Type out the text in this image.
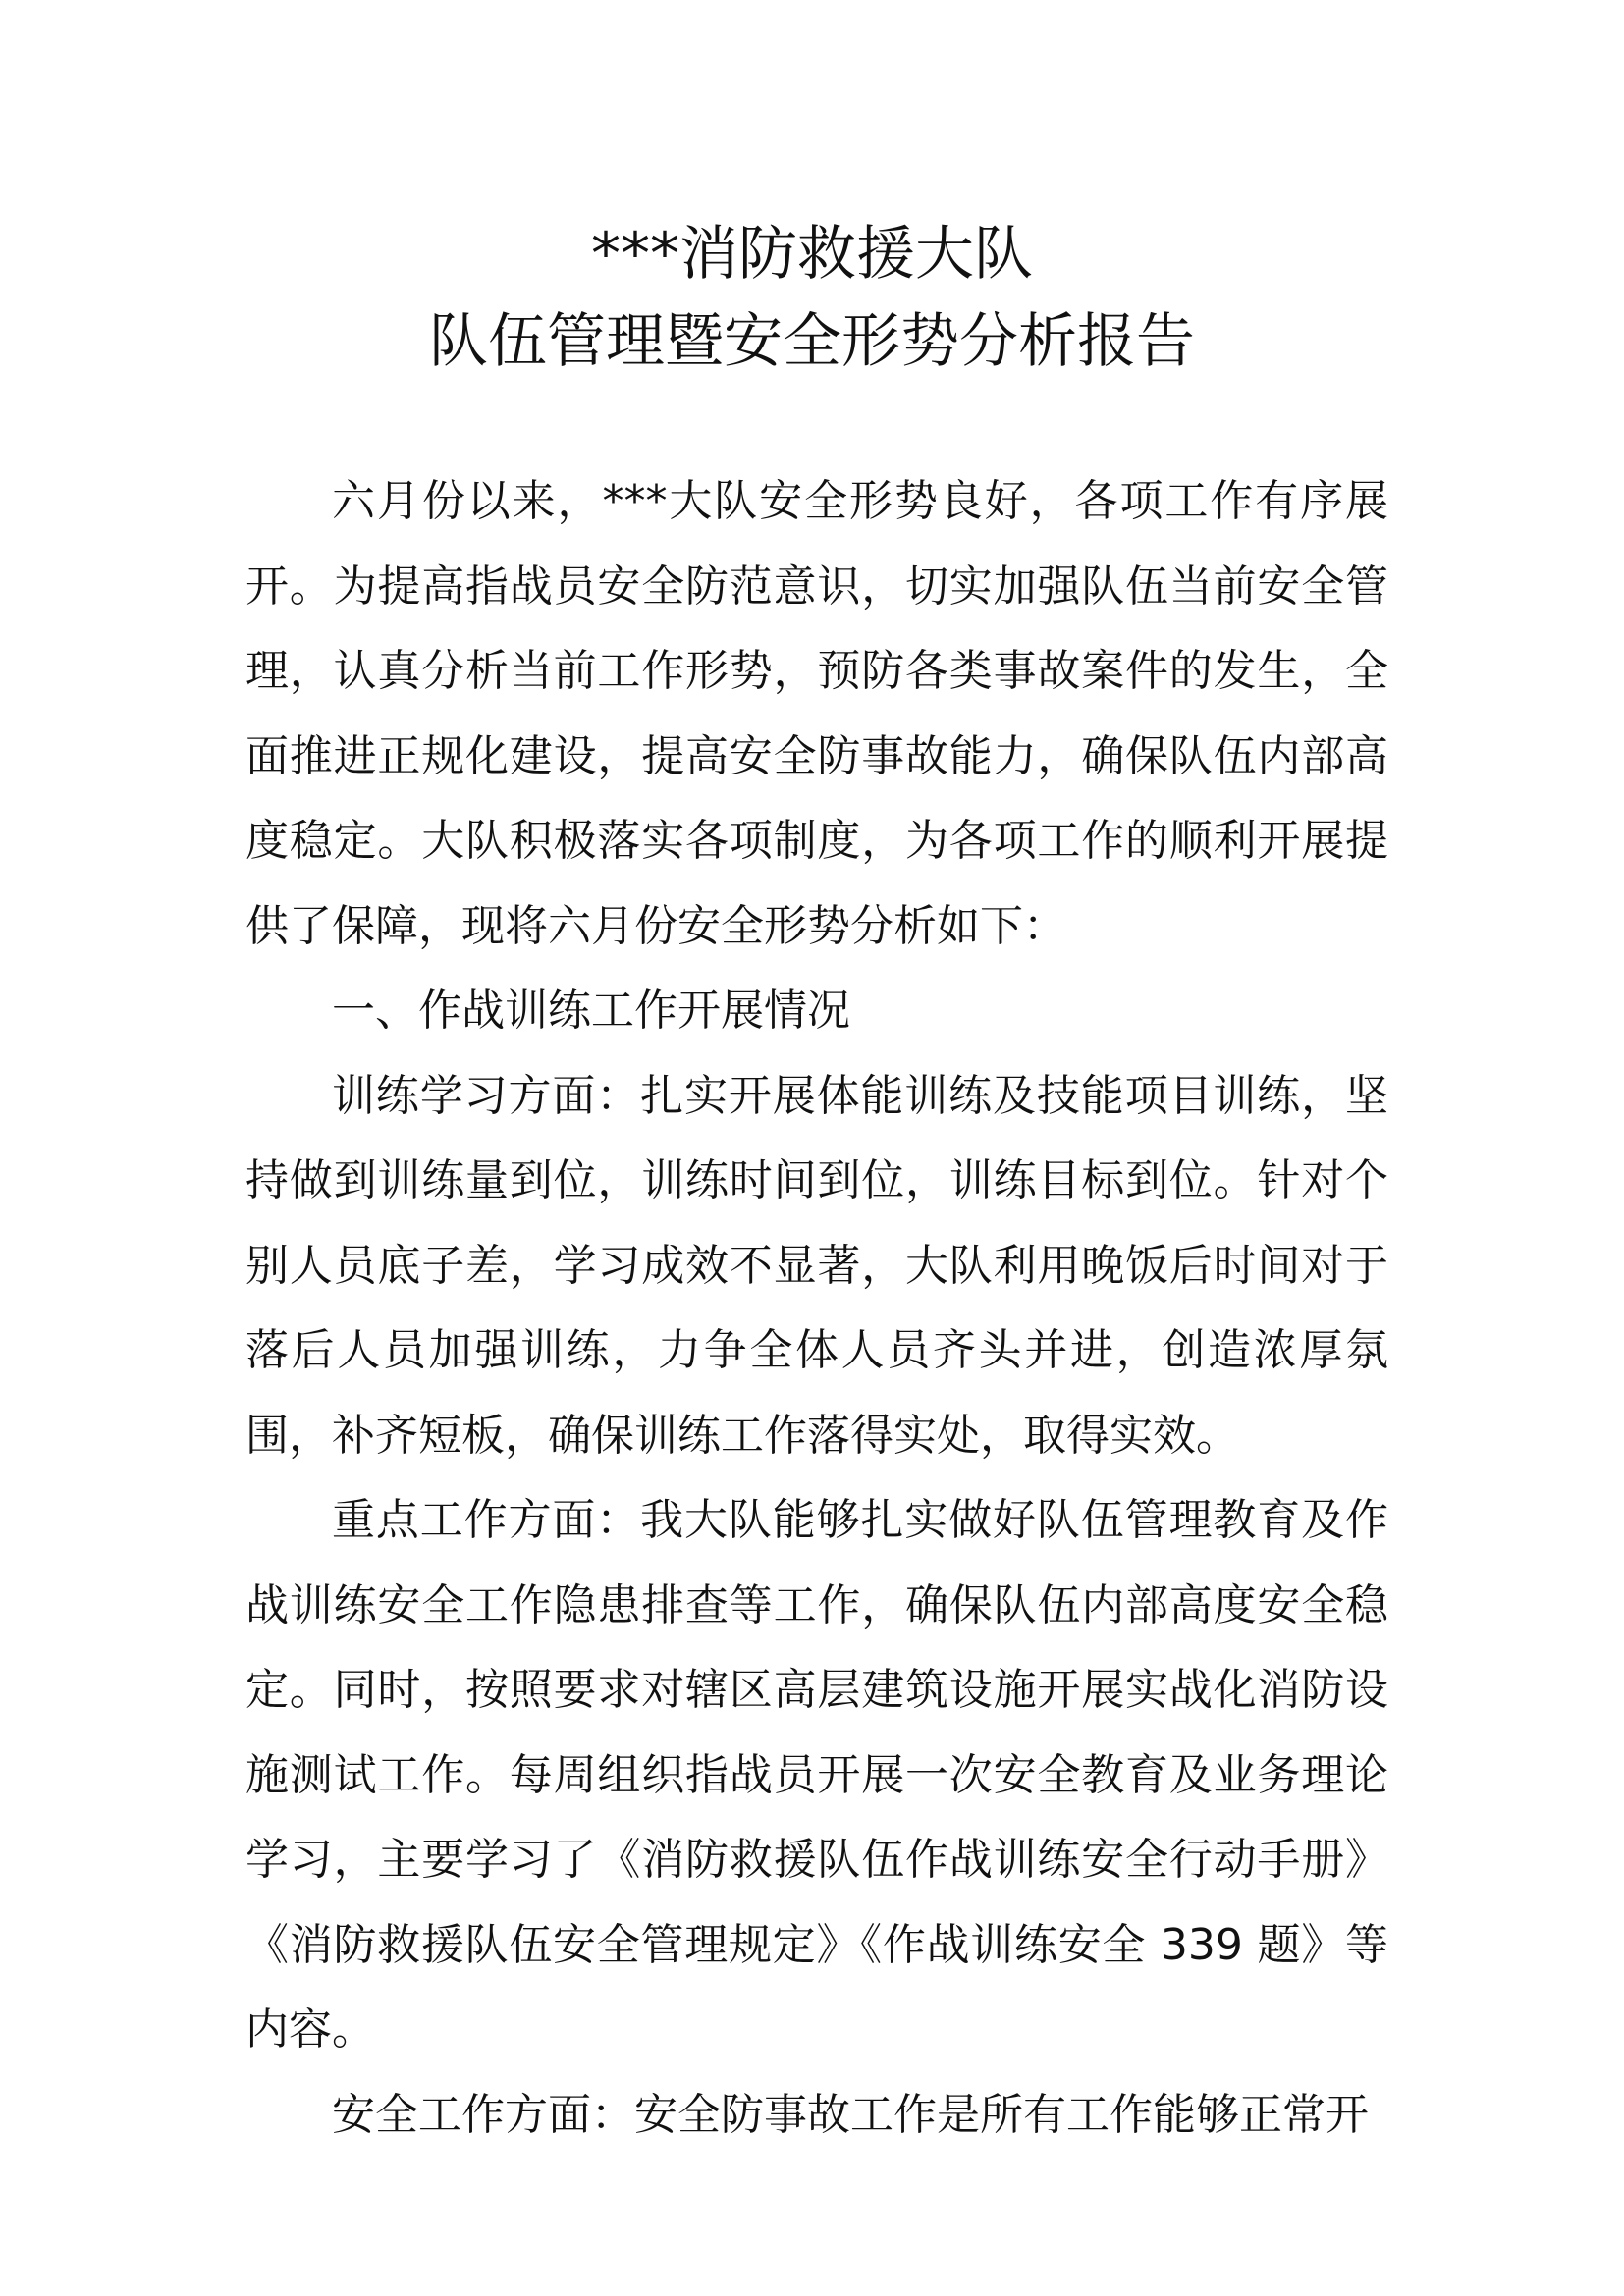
***消防救援大队
队伍管理暨安全形势分析报告

六月份以来，***大队安全形势良好，各项工作有序展开。为提高指战员安全防范意识，切实加强队伍当前安全管理，认真分析当前工作形势，预防各类事故案件的发生，全面推进正规化建设，提高安全防事故能力，确保队伍内部高度稳定。大队积极落实各项制度，为各项工作的顺利开展提供了保障，现将六月份安全形势分析如下：

一、作战训练工作开展情况

训练学习方面：扎实开展体能训练及技能项目训练，坚持做到训练量到位，训练时间到位，训练目标到位。针对个别人员底子差，学习成效不显著，大队利用晚饭后时间对于落后人员加强训练，力争全体人员齐头并进，创造浓厚氛围，补齐短板，确保训练工作落得实处，取得实效。

重点工作方面：我大队能够扎实做好队伍管理教育及作战训练安全工作隐患排查等工作，确保队伍内部高度安全稳定。同时，按照要求对辖区高层建筑设施开展实战化消防设施测试工作。每周组织指战员开展一次安全教育及业务理论学习，主要学习了《消防救援队伍作战训练安全行动手册》《消防救援队伍安全管理规定》《作战训练安全 339 题》等内容。

安全工作方面：安全防事故工作是所有工作能够正常开
